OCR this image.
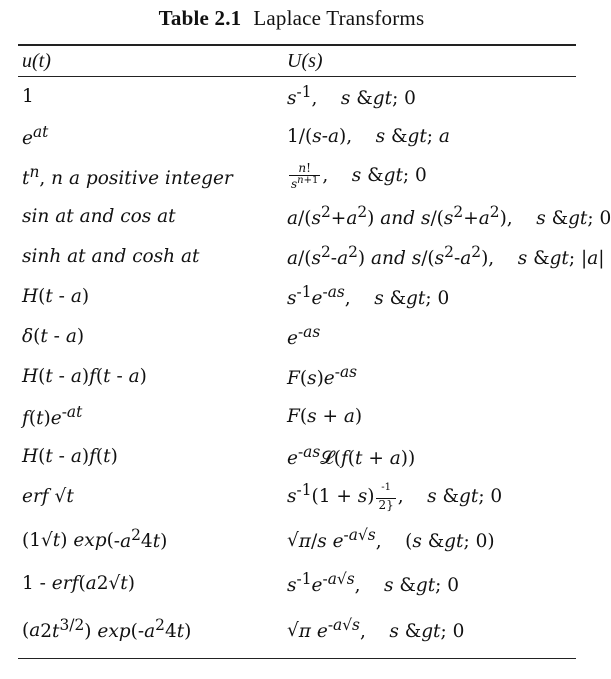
Table 2.1 Laplace Transforms
u(t)	U(s)
1	$s^{-1}$,    s &gt; 0
$e^{at}$	1/(s-a),    s &gt; a
$t^n$, n a positive integer	$\frac{n!}{s^{n+1}}$ ,    s &gt; 0
sin at and cos at	$a/(s^2+a^2)$ and $s/(s^2+a^2)$,    s &gt; 0
sinh at and cosh at	$a/(s^2-a^2)$ and $s/(s^2-a^2)$,    s &gt; |a|
H(t - a)	$s^{-1}e^{-as}$,    s &gt; 0
δ(t - a)	$e^{-as}$
H(t - a)f(t - a)	$F(s)e^{-as}$
$f(t)e^{-at}$	F(s + a)
H(t - a)f(t)	$e^{-as}𝓛(f(t + a))$
erf √t	$s^{-1}(1 + s) \frac{^{-1}}{2\}}$ ,    s &gt; 0
(1√t) $\exp(-a^24t)$	√π/s $e^{-a√s}$,    (s &gt; 0)
1 - erf(a2√t)	$s^{-1}e^{-a√s}$,    s &gt; 0
$(a2t^{3/2})$ $\exp(-a^24t)$	√π $e^{-a√s}$,    s &gt; 0
